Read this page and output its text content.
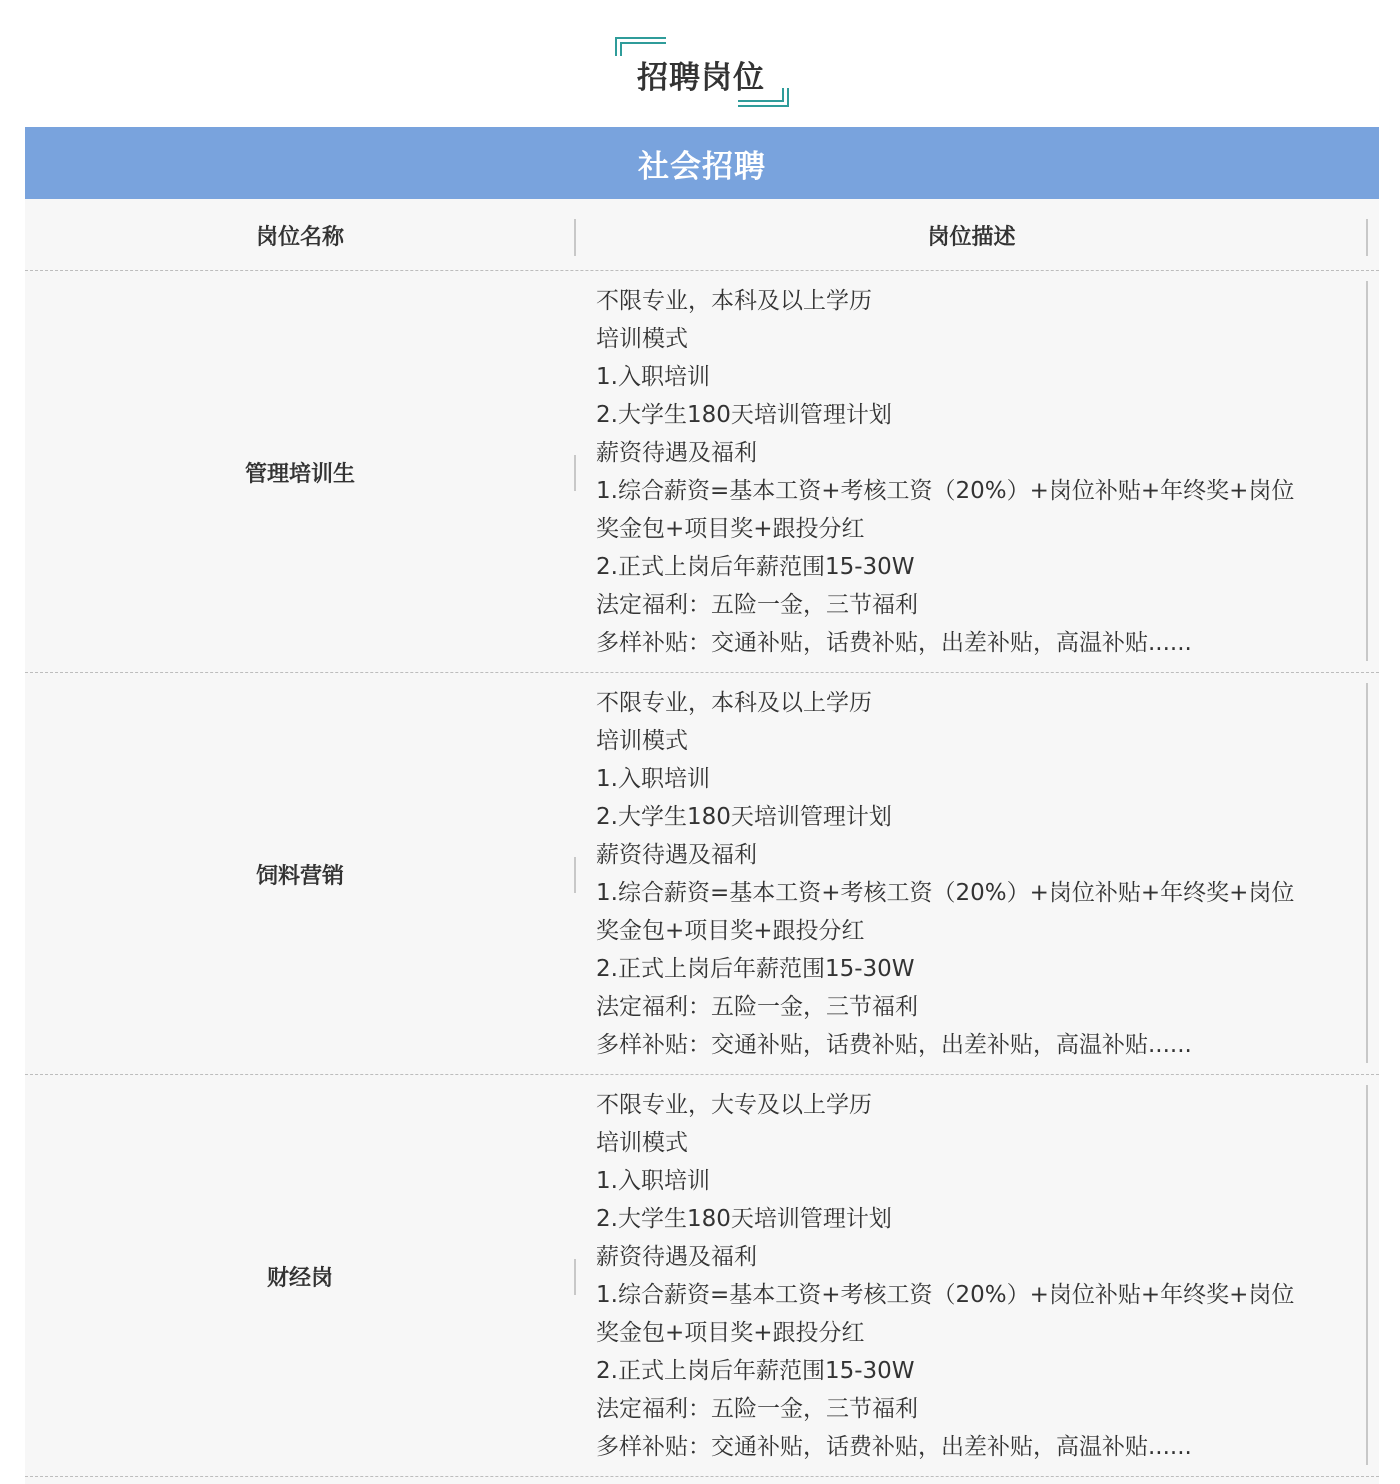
招聘岗位
社会招聘
岗位名称	岗位描述
管理培训生
不限专业，本科及以上学历
培训模式
1.入职培训
2.大学生180天培训管理计划
薪资待遇及福利
1.综合薪资=基本工资+考核工资（20%）+岗位补贴+年终奖+岗位
奖金包+项目奖+跟投分红
2.正式上岗后年薪范围15-30W
法定福利：五险一金，三节福利
多样补贴：交通补贴，话费补贴，出差补贴，高温补贴......
饲料营销
不限专业，本科及以上学历
培训模式
1.入职培训
2.大学生180天培训管理计划
薪资待遇及福利
1.综合薪资=基本工资+考核工资（20%）+岗位补贴+年终奖+岗位
奖金包+项目奖+跟投分红
2.正式上岗后年薪范围15-30W
法定福利：五险一金，三节福利
多样补贴：交通补贴，话费补贴，出差补贴，高温补贴......
财经岗
不限专业，大专及以上学历
培训模式
1.入职培训
2.大学生180天培训管理计划
薪资待遇及福利
1.综合薪资=基本工资+考核工资（20%）+岗位补贴+年终奖+岗位
奖金包+项目奖+跟投分红
2.正式上岗后年薪范围15-30W
法定福利：五险一金，三节福利
多样补贴：交通补贴，话费补贴，出差补贴，高温补贴......
